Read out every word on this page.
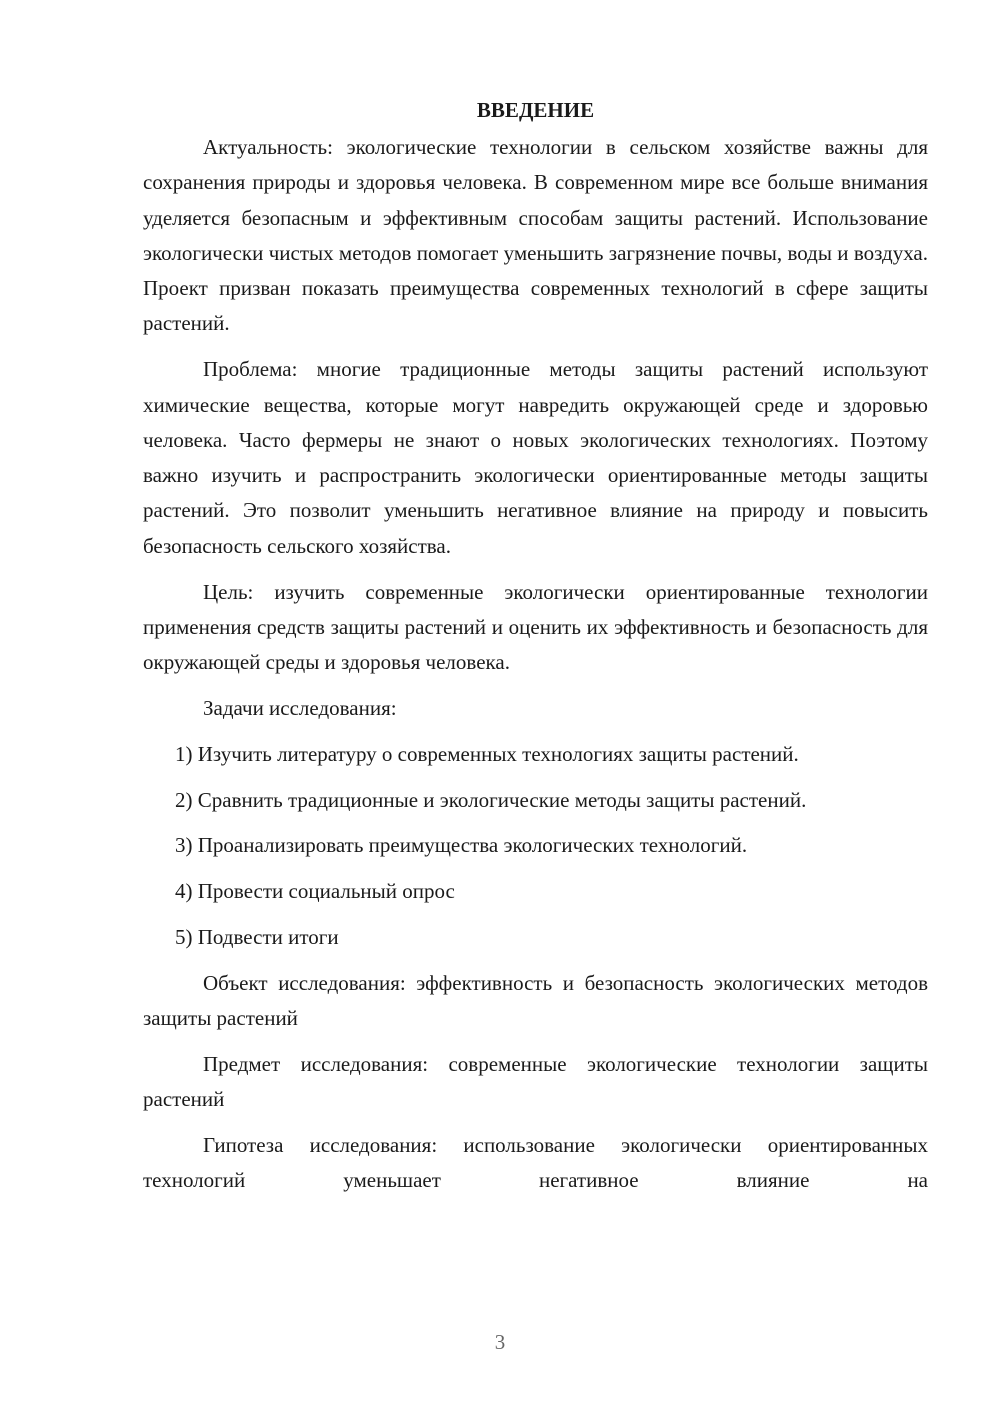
ВВЕДЕНИЕ

Актуальность: экологические технологии в сельском хозяйстве важны для сохранения природы и здоровья человека. В современном мире все больше внимания уделяется безопасным и эффективным способам защиты растений. Использование экологически чистых методов помогает уменьшить загрязнение почвы, воды и воздуха. Проект призван показать преимущества современных технологий в сфере защиты растений.

Проблема: многие традиционные методы защиты растений используют химические вещества, которые могут навредить окружающей среде и здоровью человека. Часто фермеры не знают о новых экологических технологиях. Поэтому важно изучить и распространить экологически ориентированные методы защиты растений. Это позволит уменьшить негативное влияние на природу и повысить безопасность сельского хозяйства.

Цель: изучить современные экологически ориентированные технологии применения средств защиты растений и оценить их эффективность и безопасность для окружающей среды и здоровья человека.

Задачи исследования:

1) Изучить литературу о современных технологиях защиты растений.
2) Сравнить традиционные и экологические методы защиты растений.
3) Проанализировать преимущества экологических технологий.
4) Провести социальный опрос
5) Подвести итоги

Объект исследования: эффективность и безопасность экологических методов защиты растений

Предмет исследования: современные экологические технологии защиты растений

Гипотеза исследования: использование экологически ориентированных технологий уменьшает негативное влияние на

3
